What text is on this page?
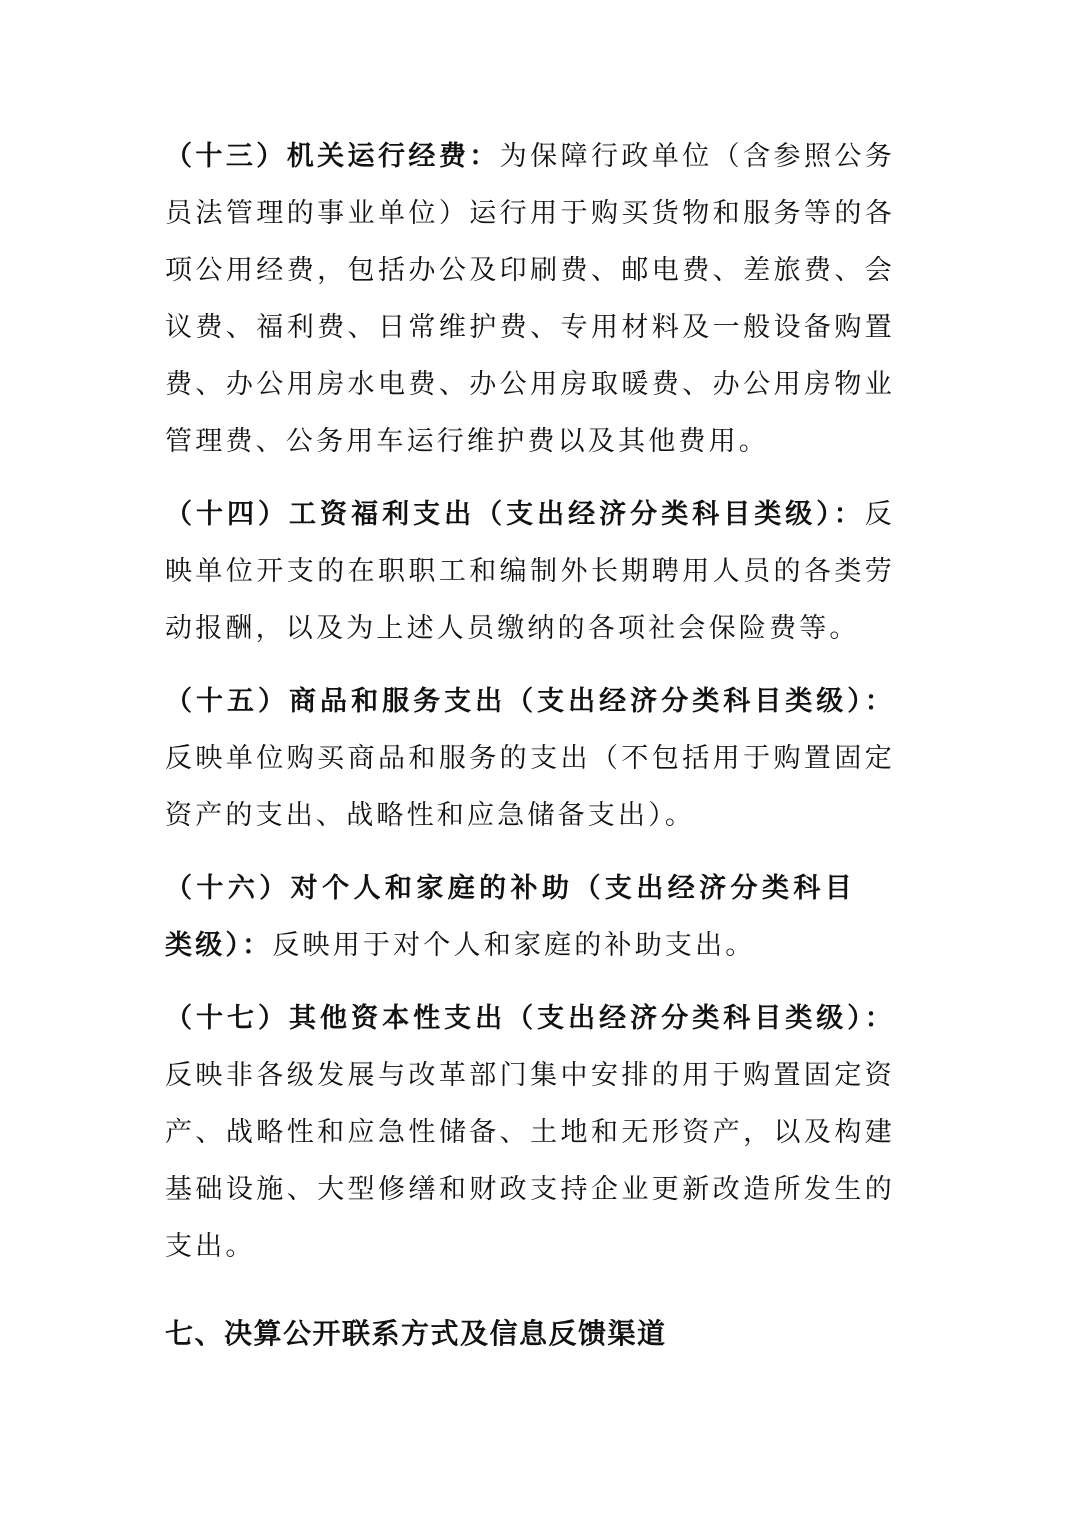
（十三）机关运行经费：为保障行政单位（含参照公务员法管理的事业单位）运行用于购买货物和服务等的各项公用经费，包括办公及印刷费、邮电费、差旅费、会议费、福利费、日常维护费、专用材料及一般设备购置费、办公用房水电费、办公用房取暖费、办公用房物业管理费、公务用车运行维护费以及其他费用。

（十四）工资福利支出（支出经济分类科目类级）：反映单位开支的在职职工和编制外长期聘用人员的各类劳动报酬，以及为上述人员缴纳的各项社会保险费等。

（十五）商品和服务支出（支出经济分类科目类级）：反映单位购买商品和服务的支出（不包括用于购置固定资产的支出、战略性和应急储备支出）。

（十六）对个人和家庭的补助（支出经济分类科目类级）：反映用于对个人和家庭的补助支出。

（十七）其他资本性支出（支出经济分类科目类级）：反映非各级发展与改革部门集中安排的用于购置固定资产、战略性和应急性储备、土地和无形资产，以及构建基础设施、大型修缮和财政支持企业更新改造所发生的支出。

七、决算公开联系方式及信息反馈渠道
